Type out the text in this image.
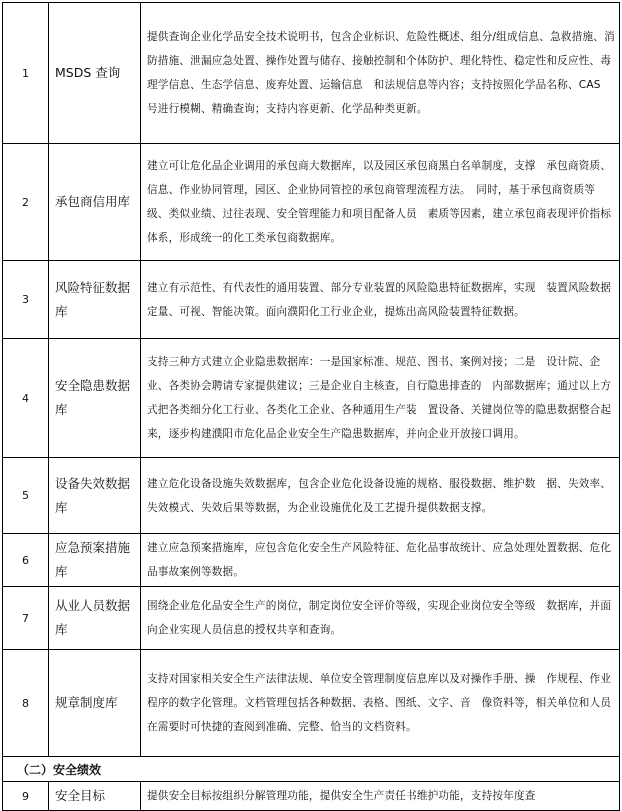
1	MSDS 查询	提供查询企业化学品安全技术说明书，包含企业标识、危险性概述、组分/组成信息、急救措施、消防措施、泄漏应急处置、操作处置与储存、接触控制和个体防护、理化特性、稳定性和反应性、毒理学信息、生态学信息、废弃处置、运输信息　和法规信息等内容；支持按照化学品名称、CAS 号进行模糊、精确查询；支持内容更新、化学品种类更新。
2	承包商信用库	建立可让危化品企业调用的承包商大数据库，以及园区承包商黑白名单制度，支撑　承包商资质、信息、作业协同管理，园区、企业协同管控的承包商管理流程方法。　同时，基于承包商资质等级、类似业绩、过往表现、安全管理能力和项目配备人员　素质等因素，建立承包商表现评价指标体系，形成统一的化工类承包商数据库。
3	风险特征数据库	建立有示范性、有代表性的通用装置、部分专业装置的风险隐患特征数据库，实现　装置风险数据定量、可视、智能决策。面向濮阳化工行业企业，提炼出高风险装置特征数据。
4	安全隐患数据库	支持三种方式建立企业隐患数据库：一是国家标准、规范、图书、案例対接；二是　设计院、企业、各类协会聘请专家提供建议；三是企业自主核查，自行隐患排查的　内部数据库；通过以上方式把各类细分化工行业、各类化工企业、各种通用生产装　置设备、关键岗位等的隐患数据整合起来，逐步构建濮阳市危化品企业安全生产隐患数据库，并向企业开放接口调用。
5	设备失效数据库	建立危化设备设施失效数据库，包含企业危化设备设施的规格、服役数据、维护数　据、失效率、失效模式、失效后果等数据，为企业设施优化及工艺提升提供数据支撑。
6	应急预案措施库	建立应急预案措施库，应包含危化安全生产风险特征、危化品事故统计、应急处理处置数据、危化品事故案例等数据。
7	从业人员数据库	围绕企业危化品安全生产的岗位，制定岗位安全评价等级，实现企业岗位安全等级　数据库，并面向企业实现人员信息的授权共享和查询。
8	规章制度库	支持对国家相关安全生产法律法规、单位安全管理制度信息库以及对操作手册、操　作规程、作业程序的数字化管理。文档管理包括各种数据、表格、图纸、文字、音　像资料等，相关单位和人员在需要时可快捷的查阅到准确、完整、恰当的文档资料。
（二）安全绩效		
9	安全目标	提供安全目标按组织分解管理功能，提供安全生产责任书维护功能，支持按年度查
